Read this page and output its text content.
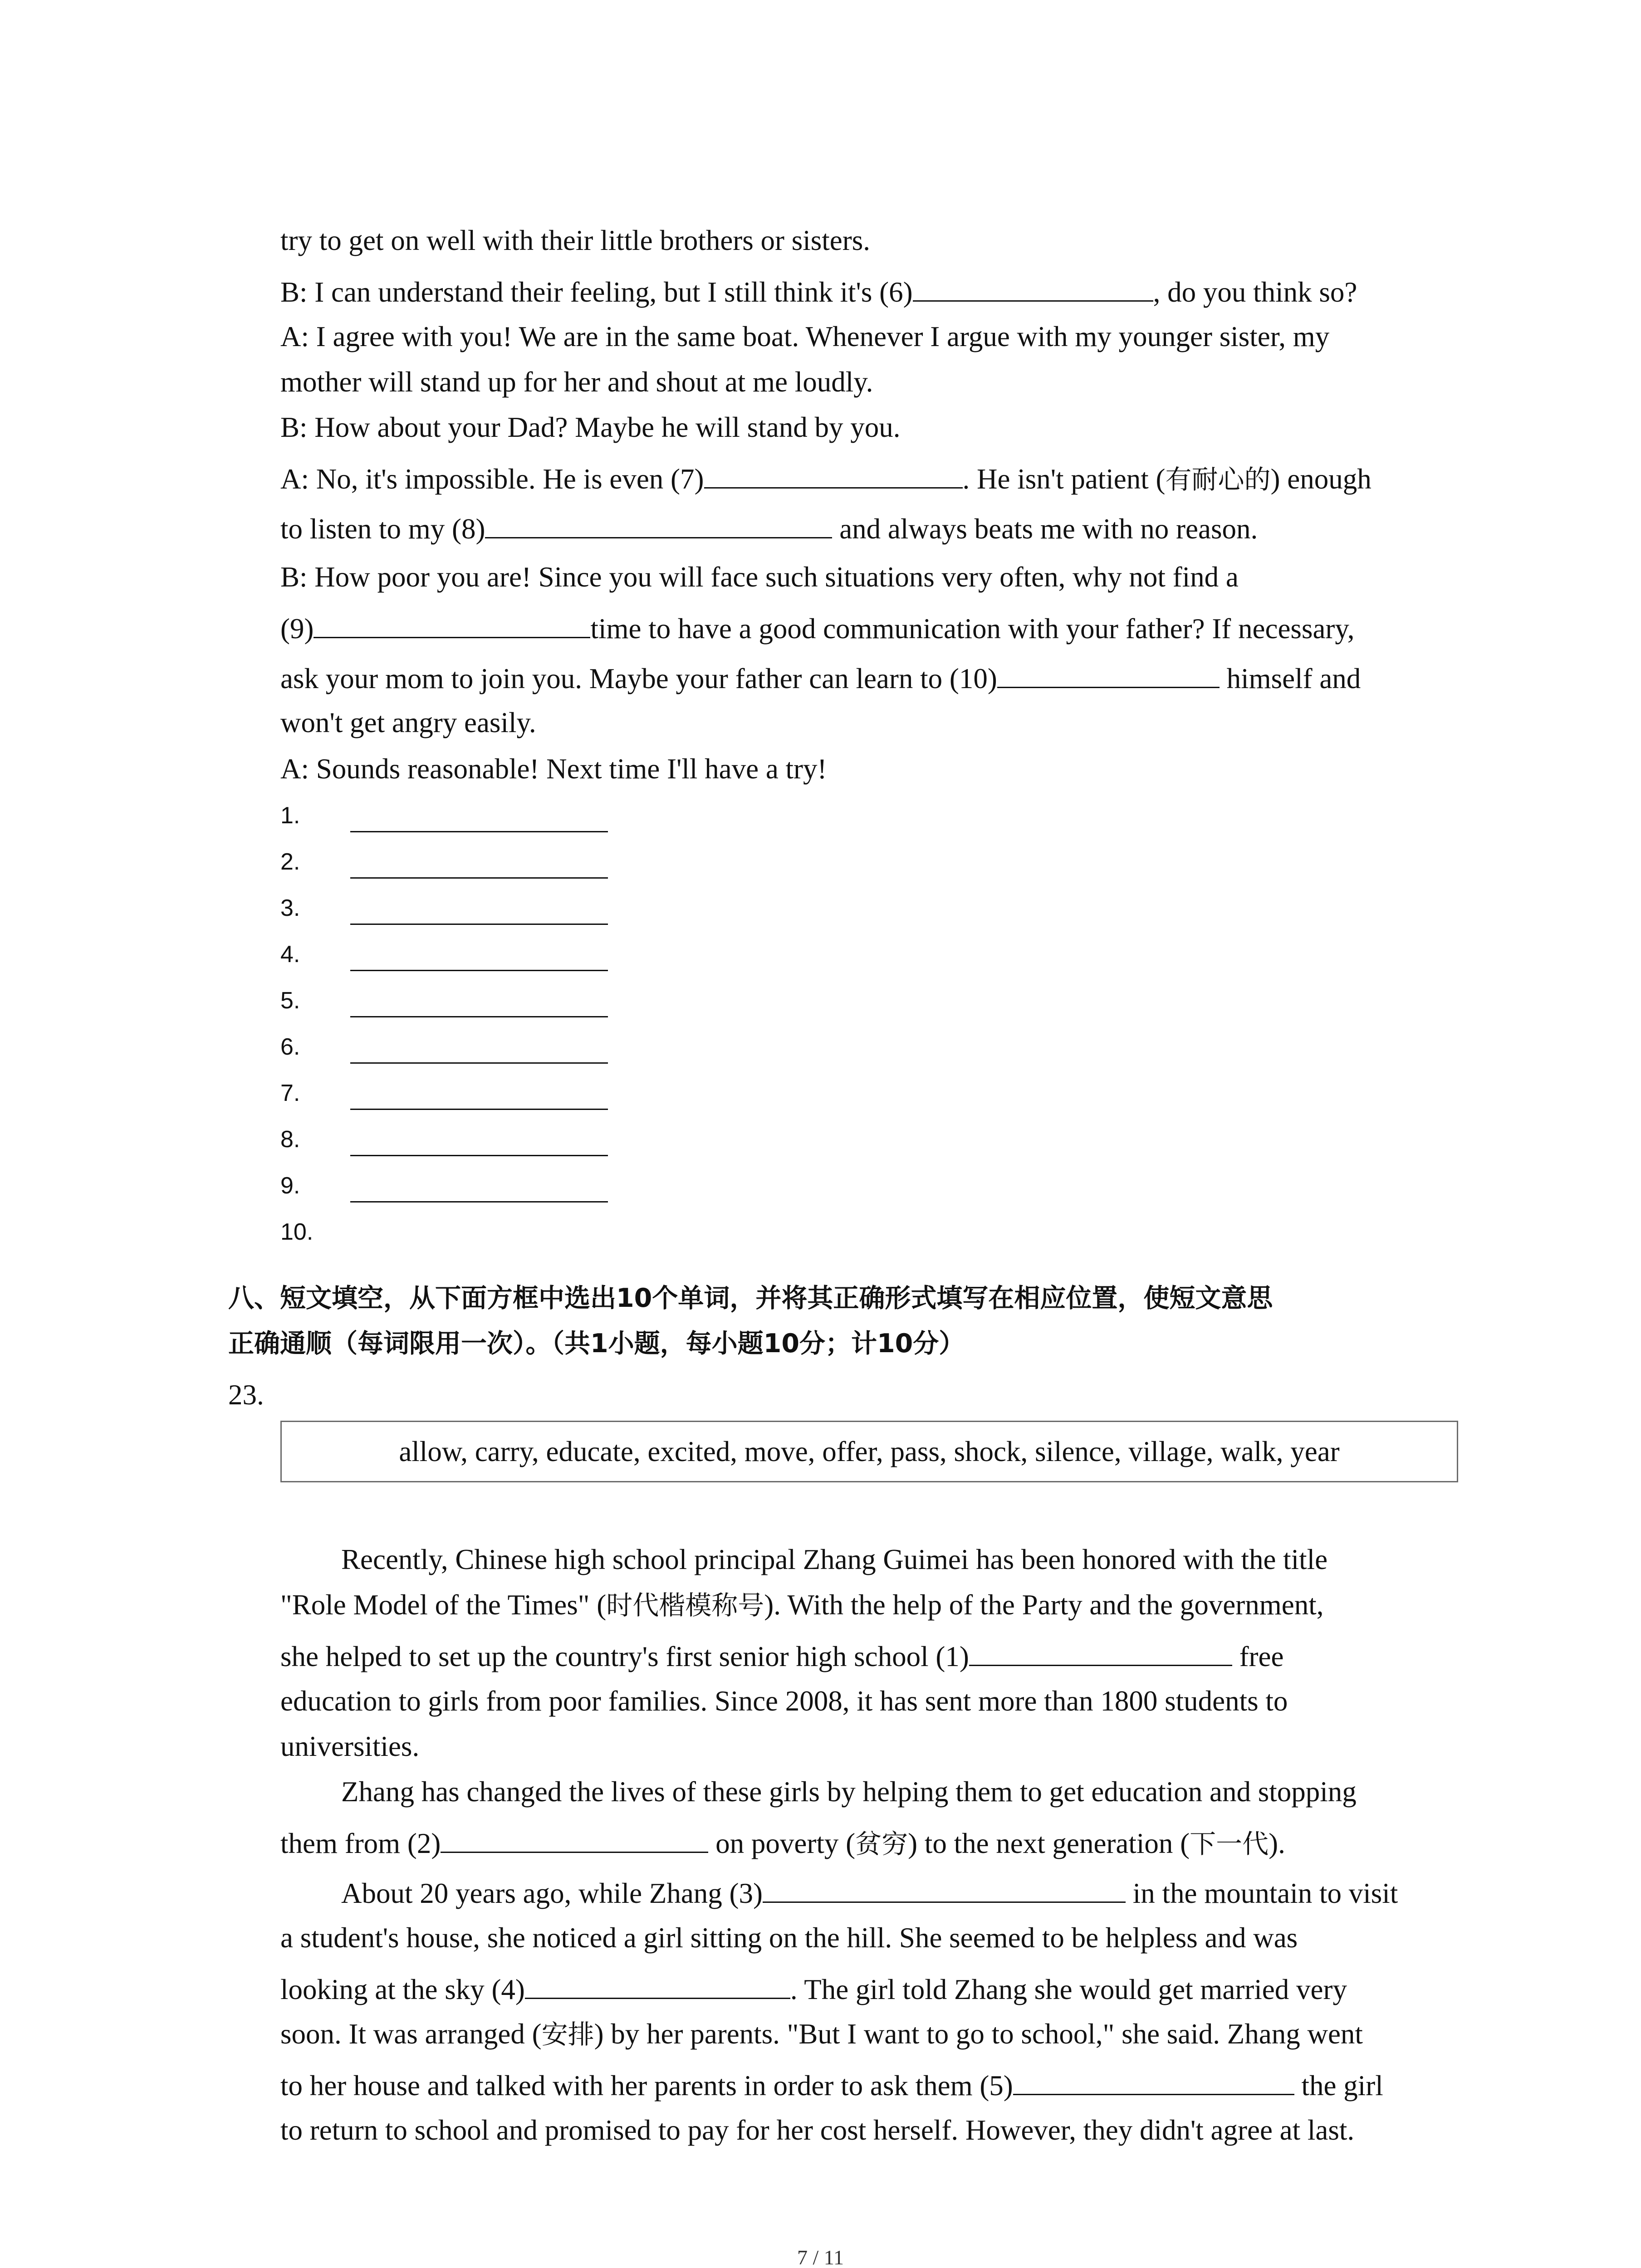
try to get on well with their little brothers or sisters.
B: I can understand their feeling, but I still think it's (6)	, do you think so?
A: I agree with you! We are in the same boat. Whenever I argue with my younger sister, my
mother will stand up for her and shout at me loudly.
B: How about your Dad? Maybe he will stand by you.
A: No, it's impossible. He is even (7)	. He isn't patient (有耐心的) enough
to listen to my (8)	and always beats me with no reason.
B: How poor you are! Since you will face such situations very often, why not find a
(9)	time to have a good communication with your father? If necessary,
ask your mom to join you. Maybe your father can learn to (10)	himself and
won't get angry easily.
A: Sounds reasonable! Next time I'll have a try!
1.
2.
3.
4.
5.
6.
7.
8.
9.
10.
八、短文填空，从下面方框中选出10个单词，并将其正确形式填写在相应位置，使短文意思
正确通顺（每词限用一次）。（共1小题，每小题10分；计10分）
23.
allow, carry, educate, excited, move, offer, pass, shock, silence, village, walk, year
Recently, Chinese high school principal Zhang Guimei has been honored with the title
"Role Model of the Times" (时代楷模称号). With the help of the Party and the government,
she helped to set up the country's first senior high school (1)	free
education to girls from poor families. Since 2008, it has sent more than 1800 students to
universities.
Zhang has changed the lives of these girls by helping them to get education and stopping
them from (2)	on poverty (贫穷) to the next generation (下一代).
About 20 years ago, while Zhang (3)	in the mountain to visit
a student's house, she noticed a girl sitting on the hill. She seemed to be helpless and was
looking at the sky (4)	. The girl told Zhang she would get married very
soon. It was arranged (安排) by her parents. "But I want to go to school," she said. Zhang went
to her house and talked with her parents in order to ask them (5)	the girl
to return to school and promised to pay for her cost herself. However, they didn't agree at last.
7 / 11
